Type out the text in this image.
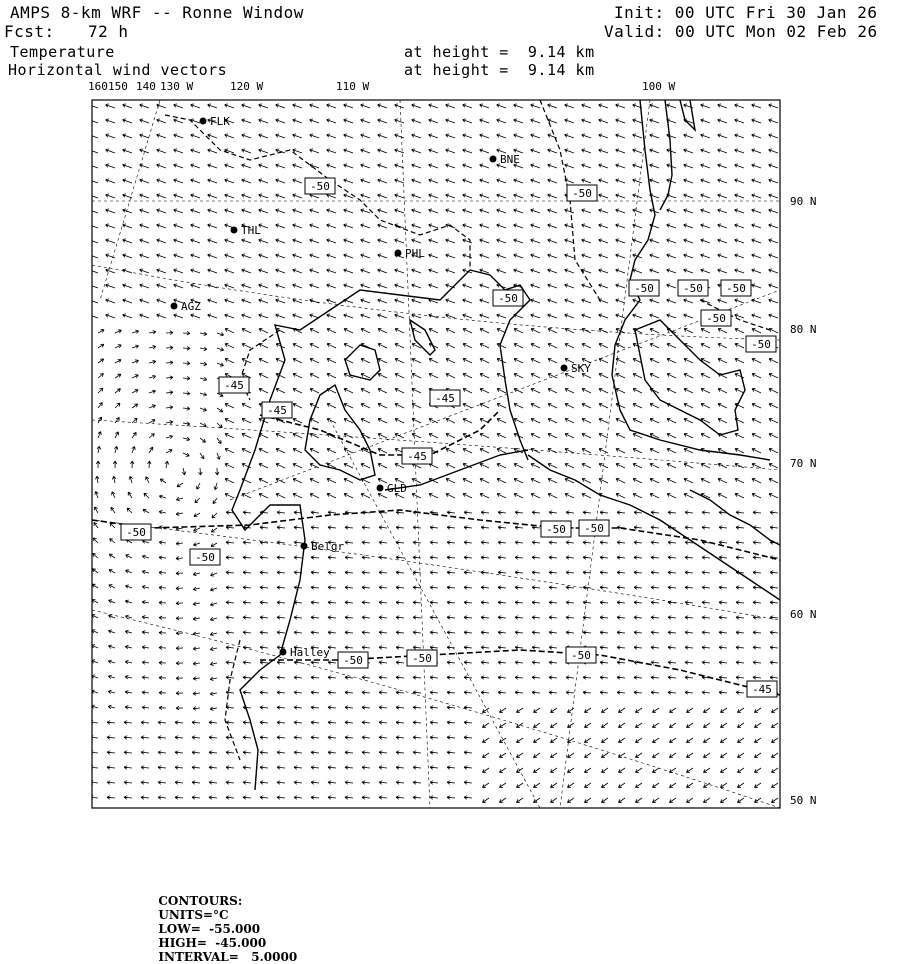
AMPS 8-km WRF -- Ronne Window
Fcst: 72 h
Init: 00 UTC Fri 30 Jan 26
Valid: 00 UTC Mon 02 Feb 26
Temperature
Horizontal wind vectors
at height =  9.14 km
at height =  9.14 km
FLK
BNE
THL
PHL
AGZ
SKY
GLD
Belgr
Halley
-50
-50
-50
-50	-50 -50
-50
-45
-45
-45
-45
-50
-50
-50
-50 -50
-50	-50	-50
-45
160 150 140 130 W	120 W	110 W	100 W
90 N
80 N
70 N
60 N
50 N

CONTOURS:
UNITS=°C
LOW=  -55.000
HIGH=  -45.000
INTERVAL=   5.0000
